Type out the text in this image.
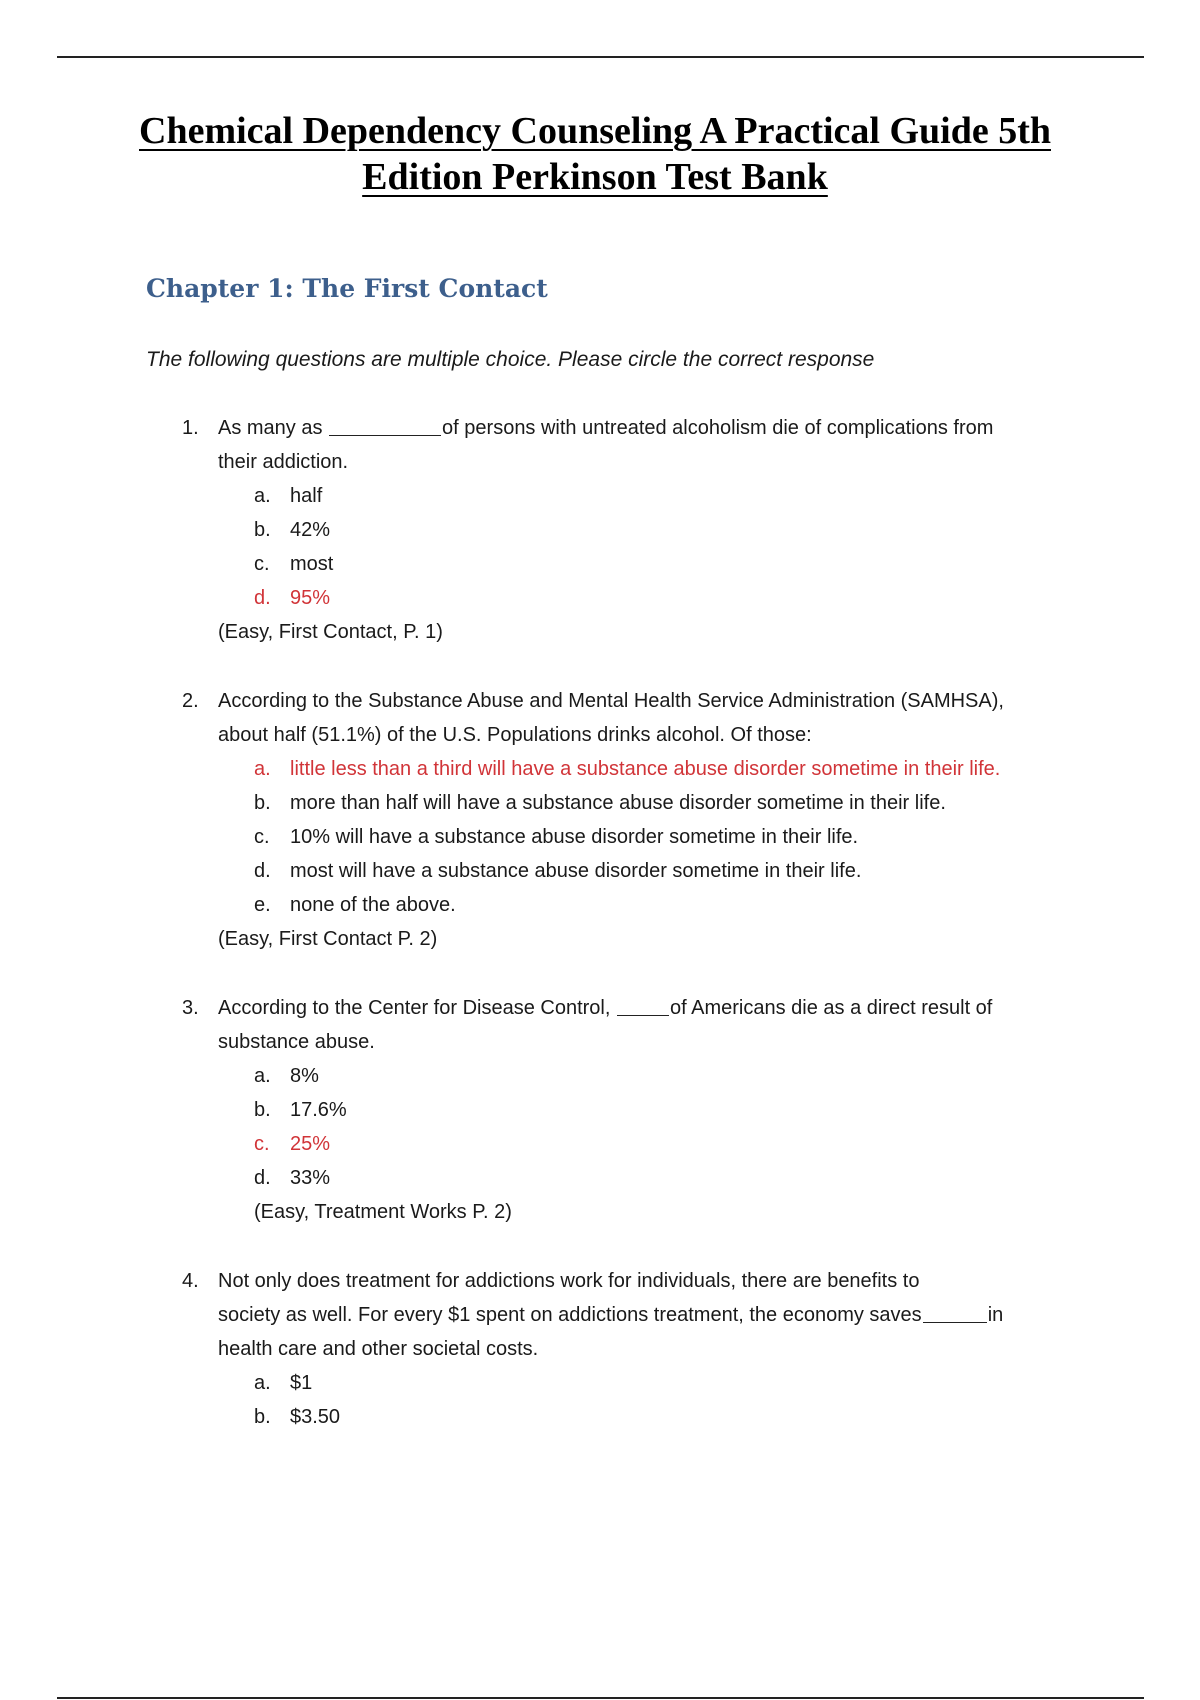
Chemical Dependency Counseling A Practical Guide 5th
Edition Perkinson Test Bank
Chapter 1: The First Contact
The following questions are multiple choice. Please circle the correct response
1. As many as	of persons with untreated alcoholism die of complications from
their addiction.
a. half
b. 42%
c.	most
d. 95%
(Easy, First Contact, P. 1)
2. According to the Substance Abuse and Mental Health Service Administration (SAMHSA),
about half (51.1%) of the U.S. Populations drinks alcohol. Of those:
a. little less than a third will have a substance abuse disorder sometime in their life.
b. more than half will have a substance abuse disorder sometime in their life.
c.	10% will have a substance abuse disorder sometime in their life.
d. most will have a substance abuse disorder sometime in their life.
e. none of the above.
(Easy, First Contact P. 2)
3. According to the Center for Disease Control,	of Americans die as a direct result of
substance abuse.
a. 8%
b. 17.6%
c.	25%
d. 33%
(Easy, Treatment Works P. 2)
4. Not only does treatment for addictions work for individuals, there are benefits to
society as well. For every $1 spent on addictions treatment, the economy saves	in
health care and other societal costs.
a. $1
b. $3.50
